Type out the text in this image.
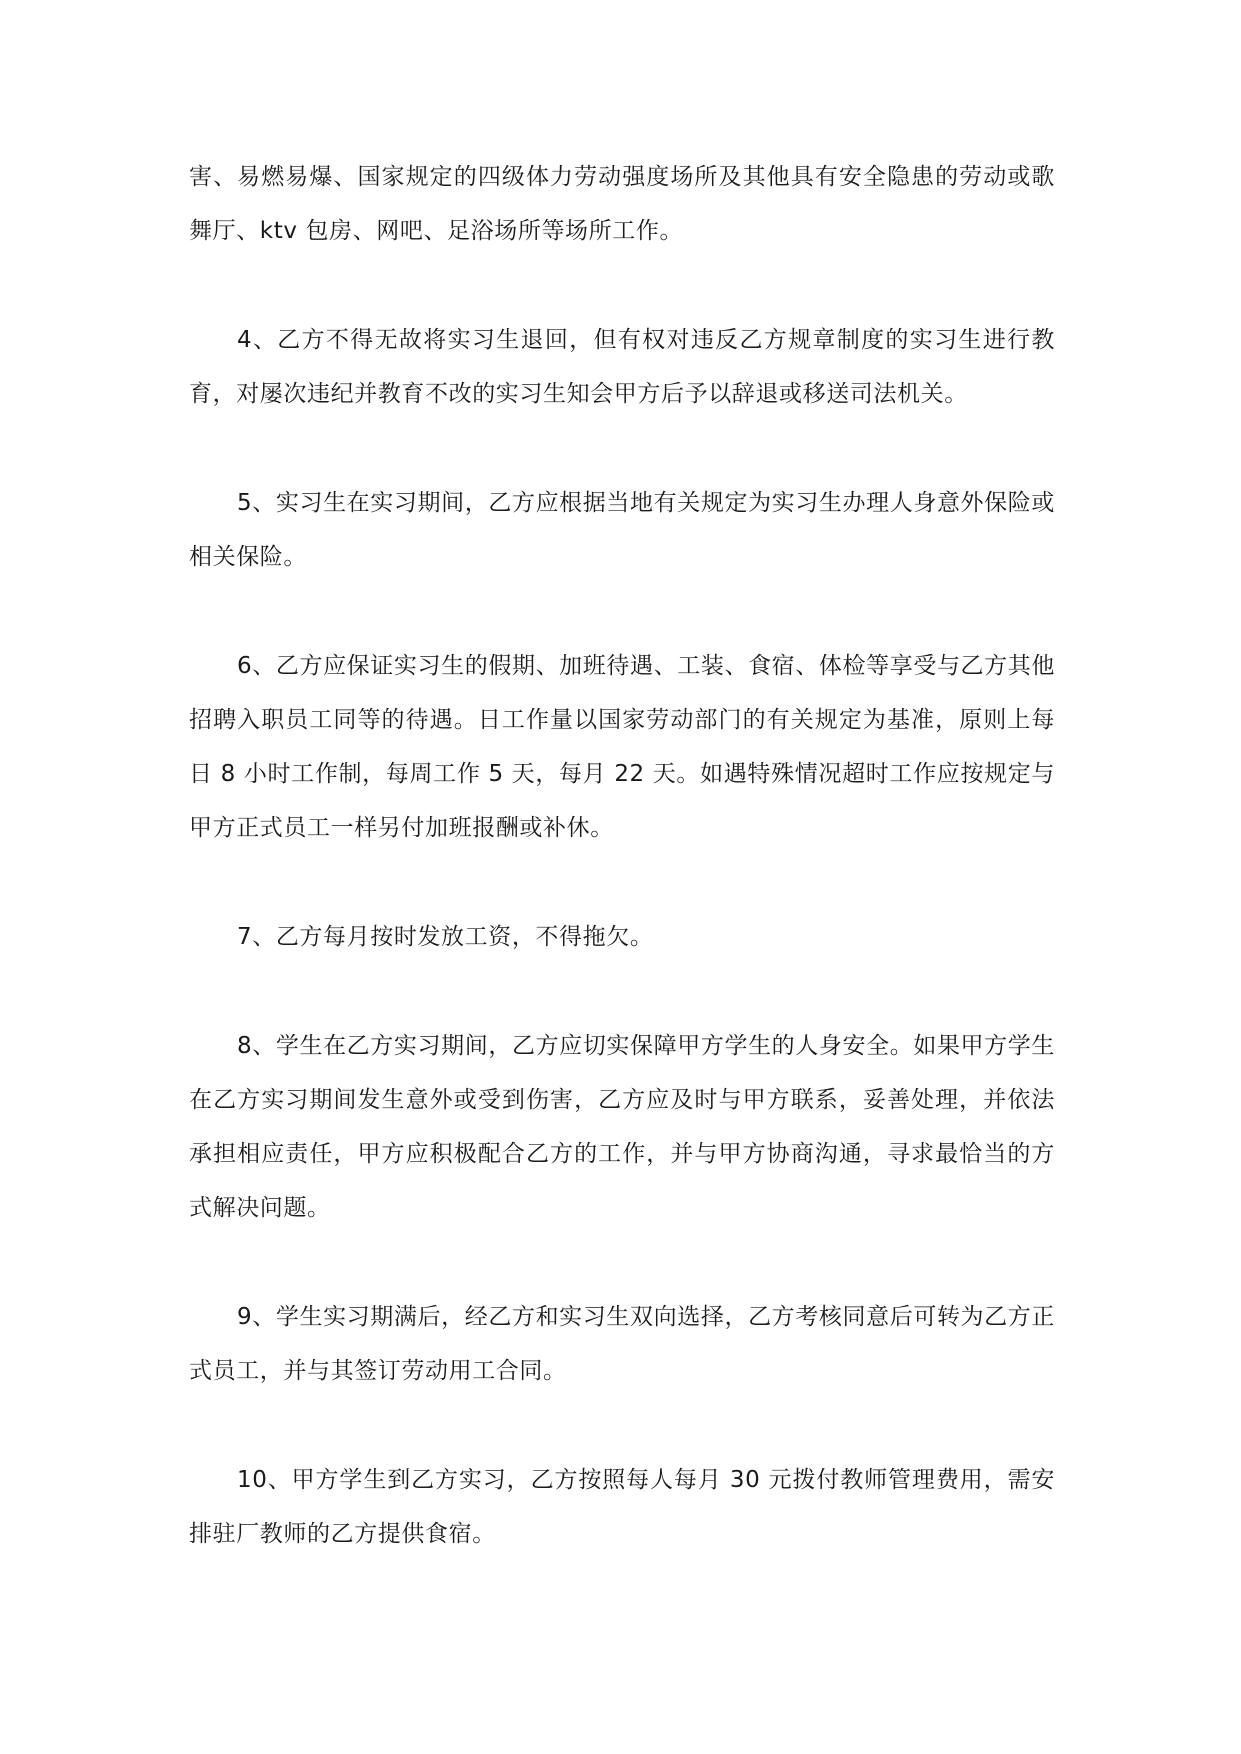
害、易燃易爆、国家规定的四级体力劳动强度场所及其他具有安全隐患的劳动或歌舞厅、ktv 包房、网吧、足浴场所等场所工作。

4、乙方不得无故将实习生退回，但有权对违反乙方规章制度的实习生进行教育，对屡次违纪并教育不改的实习生知会甲方后予以辞退或移送司法机关。

5、实习生在实习期间，乙方应根据当地有关规定为实习生办理人身意外保险或相关保险。

6、乙方应保证实习生的假期、加班待遇、工装、食宿、体检等享受与乙方其他招聘入职员工同等的待遇。日工作量以国家劳动部门的有关规定为基准，原则上每日 8 小时工作制，每周工作 5 天，每月 22 天。如遇特殊情况超时工作应按规定与甲方正式员工一样另付加班报酬或补休。

7、乙方每月按时发放工资，不得拖欠。

8、学生在乙方实习期间，乙方应切实保障甲方学生的人身安全。如果甲方学生在乙方实习期间发生意外或受到伤害，乙方应及时与甲方联系，妥善处理，并依法承担相应责任，甲方应积极配合乙方的工作，并与甲方协商沟通，寻求最恰当的方式解决问题。

9、学生实习期满后，经乙方和实习生双向选择，乙方考核同意后可转为乙方正式员工，并与其签订劳动用工合同。

10、甲方学生到乙方实习，乙方按照每人每月 30 元拨付教师管理费用，需安排驻厂教师的乙方提供食宿。
